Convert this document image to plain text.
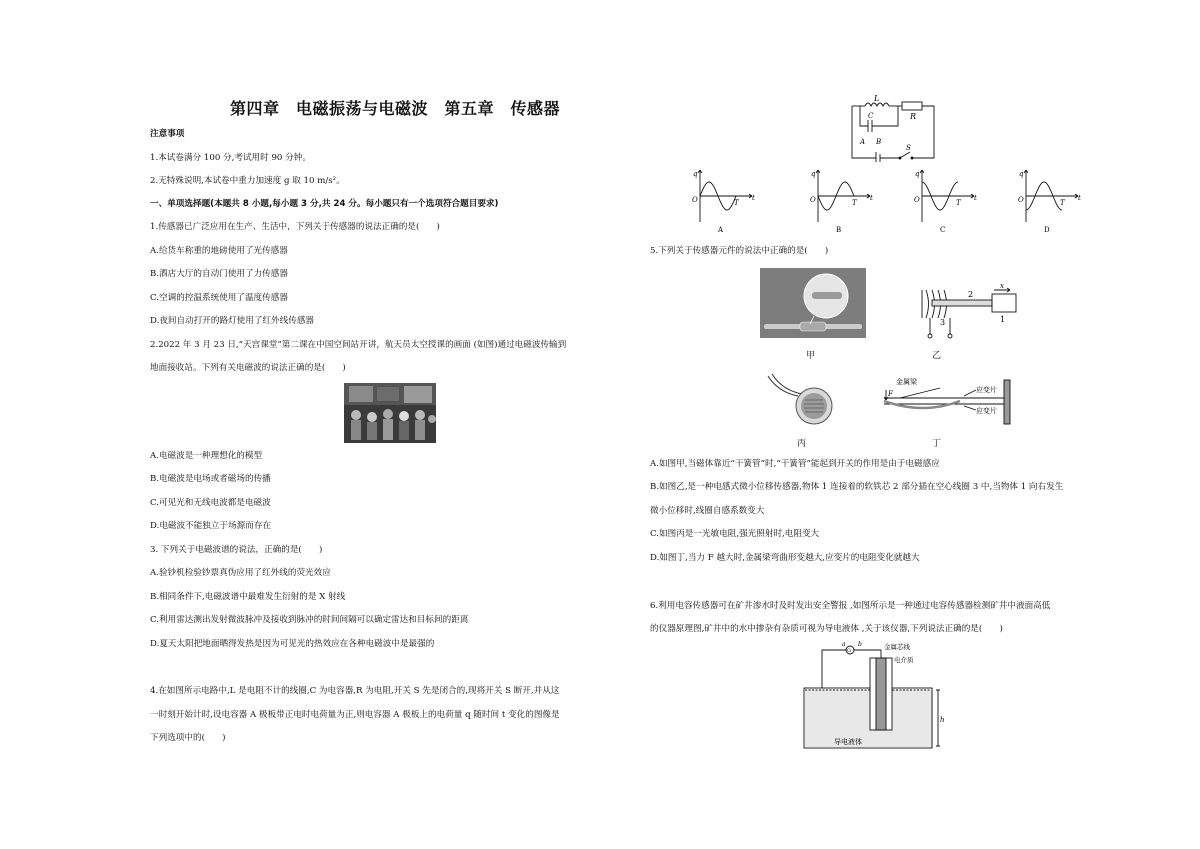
第四章　电磁振荡与电磁波　第五章　传感器
注意事项
1.本试卷满分 100 分,考试用时 90 分钟。
2.无特殊说明,本试卷中重力加速度 g 取 10 m/s²。
一、单项选择题(本题共 8 小题,每小题 3 分,共 24 分。每小题只有一个选项符合题目要求)
1.传感器已广泛应用在生产、生活中，下列关于传感器的说法正确的是(　　)
A.给货车称重的地磅使用了光传感器
B.酒店大厅的自动门使用了力传感器
C.空调的控温系统使用了温度传感器
D.夜间自动打开的路灯使用了红外线传感器
2.2022 年 3 月 23 日,“天宫课堂”第二课在中国空间站开讲，航天员太空授课的画面 (如图)通过电磁波传输到
地面接收站。下列有关电磁波的说法正确的是(　　)
A.电磁波是一种理想化的模型
B.电磁波是电场或者磁场的传播
C.可见光和无线电波都是电磁波
D.电磁波不能独立于场源而存在
3. 下列关于电磁波谱的说法，正确的是(　　)
A.验钞机检验钞票真伪应用了红外线的荧光效应
B.相同条件下,电磁波谱中最难发生衍射的是 X 射线
C.利用雷达测出发射微波脉冲及接收到脉冲的时间间隔可以确定雷达和目标间的距离
D.夏天太阳把地面晒得发热是因为可见光的热效应在各种电磁波中是最强的
4.在如图所示电路中,L 是电阻不计的线圈,C 为电容器,R 为电阻,开关 S 先是闭合的,现将开关 S 断开,并从这
一时刻开始计时,设电容器 A 极板带正电时电荷量为正,则电容器 A 极板上的电荷量 q 随时间 t 变化的图像是
下列选项中的(　　)
L
R
C
A B
S
q
O	T
t
A
q
O	T
t
B
q
O	T
t
C
q
O	T
t
D
5.下列关于传感器元件的说法中正确的是(　　)
甲
2
3	1
x
乙
丙
金属梁
F	应变片
应变片
丁
A.如图甲,当磁体靠近“干簧管”时,“干簧管”能起到开关的作用是由于电磁感应
B.如图乙,是一种电感式微小位移传感器,物体 1 连接着的软铁芯 2 部分插在空心线圈 3 中,当物体 1 向右发生
微小位移时,线圈自感系数变大
C.如图丙是一光敏电阻,强光照射时,电阻变大
D.如图丁,当力 F 越大时,金属梁弯曲形变越大,应变片的电阻变化就越大
6.利用电容传感器可在矿井渗水时及时发出安全警报 ,如图所示是一种通过电容传感器检测矿井中液面高低
的仪器原理图,矿井中的水中掺杂有杂质可视为导电液体 ,关于该仪器,下列说法正确的是(　　)
a
G
b	金属芯线
电介质
导电液体
h
